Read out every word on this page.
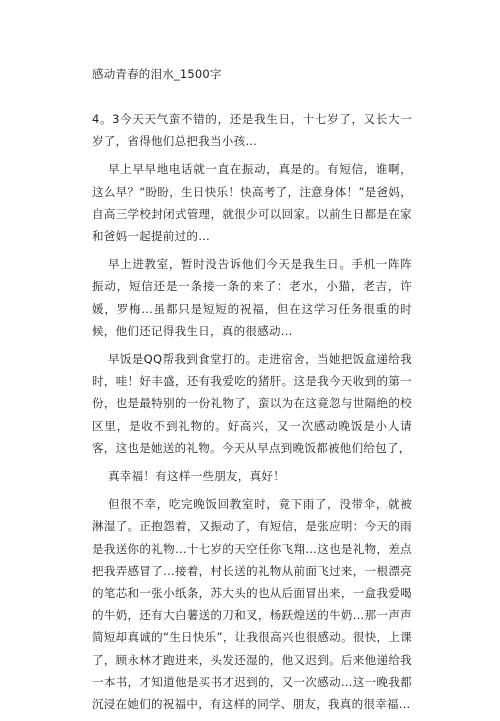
感动青春的泪水_1500字

4。3今天天气蛮不错的，还是我生日，十七岁了，又长大一岁了，省得他们总把我当小孩…

早上早早地电话就一直在振动，真是的。有短信，谁啊，这么早？“盼盼，生日快乐！快高考了，注意身体！”是爸妈，自高三学校封闭式管理，就很少可以回家。以前生日都是在家和爸妈一起提前过的…

早上进教室，暂时没告诉他们今天是我生日。手机一阵阵振动，短信还是一条接一条的来了：老水，小猫，老吉，许媛，罗梅…虽都只是短短的祝福，但在这学习任务很重的时候，他们还记得我生日，真的很感动…

早饭是QQ帮我到食堂打的。走进宿舍，当她把饭盒递给我时，哇！好丰盛，还有我爱吃的猪肝。这是我今天收到的第一份，也是最特别的一份礼物了，蛮以为在这竟忽与世隔绝的校区里，是收不到礼物的。好高兴，又一次感动晚饭是小人请客，这也是她送的礼物。今天从早点到晚饭都被他们给包了，

真幸福！有这样一些朋友，真好！

但很不幸，吃完晚饭回教室时，竟下雨了，没带伞，就被淋湿了。正抱怨着，又振动了，有短信，是张应明：今天的雨是我送你的礼物…十七岁的天空任你飞翔…这也是礼物，差点把我弄感冒了…接着，村长送的礼物从前面飞过来，一根漂亮的笔芯和一张小纸条，苏大头的也从后面冒出来，一盒我爱喝的牛奶，还有大白薯送的刀和叉，杨跃煌送的牛奶…那一声声简短却真诚的“生日快乐”，让我很高兴也很感动。很快，上课了，顾永林才跑进来，头发还湿的，他又迟到。后来他递给我一本书，才知道他是买书才迟到的，又一次感动…这一晚我都沉浸在她们的祝福中，有这样的同学、朋友，我真的很幸福…
